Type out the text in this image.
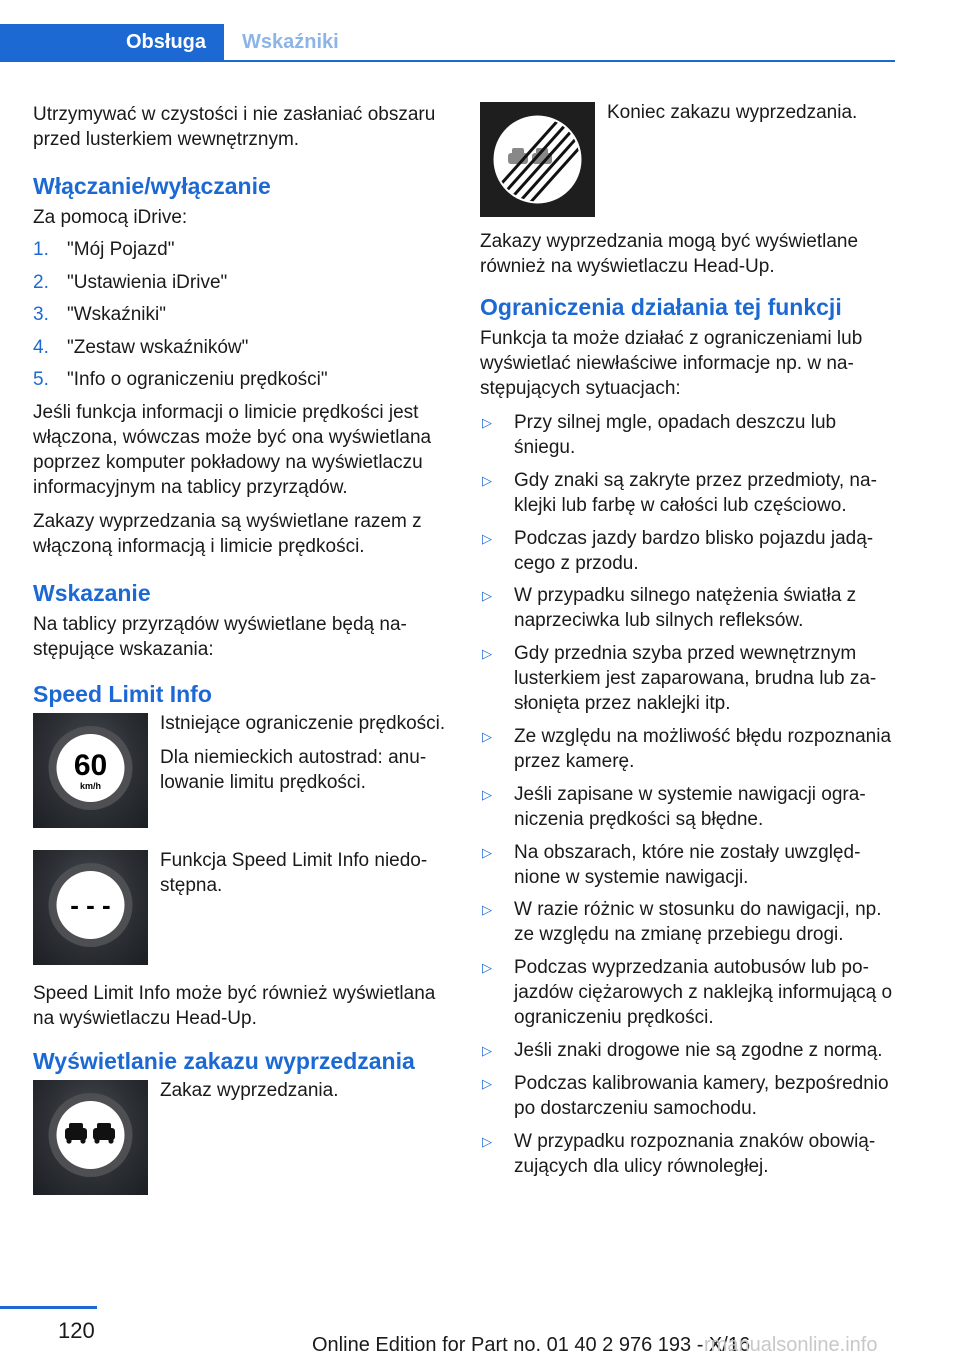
Obsługa	Wskaźniki

Utrzymywać w czystości i nie zasłaniać obszaru przed lusterkiem wewnętrznym.

Włączanie/wyłączanie

Za pomocą iDrive:

1. "Mój Pojazd"
2. "Ustawienia iDrive"
3. "Wskaźniki"
4. "Zestaw wskaźników"
5. "Info o ograniczeniu prędkości"

Jeśli funkcja informacji o limicie prędkości jest włączona, wówczas może być ona wyświetlana poprzez komputer pokładowy na wyświetlaczu informacyjnym na tablicy przyrządów.

Zakazy wyprzedzania są wyświetlane razem z włączoną informacją i limicie prędkości.

Wskazanie

Na tablicy przyrządów wyświetlane będą następujące wskazania:

Speed Limit Info
60
km/h

Istniejące ograniczenie prędkości.

Dla niemieckich autostrad: anulowanie limitu prędkości.

- - -

Funkcja Speed Limit Info niedostępna.

Speed Limit Info może być również wyświetlana na wyświetlaczu Head-Up.

Wyświetlanie zakazu wyprzedzania

Zakaz wyprzedzania.

Koniec zakazu wyprzedzania.

Zakazy wyprzedzania mogą być wyświetlane również na wyświetlaczu Head-Up.

Ograniczenia działania tej funkcji

Funkcja ta może działać z ograniczeniami lub wyświetlać niewłaściwe informacje np. w następujących sytuacjach:

▷	Przy silnej mgle, opadach deszczu lub śniegu.
▷	Gdy znaki są zakryte przez przedmioty, naklejki lub farbę w całości lub częściowo.
▷	Podczas jazdy bardzo blisko pojazdu jadącego z przodu.
▷	W przypadku silnego natężenia światła z naprzeciwka lub silnych refleksów.
▷	Gdy przednia szyba przed wewnętrznym lusterkiem jest zaparowana, brudna lub zasłonięta przez naklejki itp.
▷	Ze względu na możliwość błędu rozpoznania przez kamerę.
▷	Jeśli zapisane w systemie nawigacji ograniczenia prędkości są błędne.
▷	Na obszarach, które nie zostały uwzględnione w systemie nawigacji.
▷	W razie różnic w stosunku do nawigacji, np. ze względu na zmianę przebiegu drogi.
▷	Podczas wyprzedzania autobusów lub pojazdów ciężarowych z naklejką informującą o ograniczeniu prędkości.
▷	Jeśli znaki drogowe nie są zgodne z normą.
▷	Podczas kalibrowania kamery, bezpośrednio po dostarczeniu samochodu.
▷	W przypadku rozpoznania znaków obowiązujących dla ulicy równoległej.
120
Online Edition for Part no. 01 40 2 976 193 - X/16
rmanualsonline.info
